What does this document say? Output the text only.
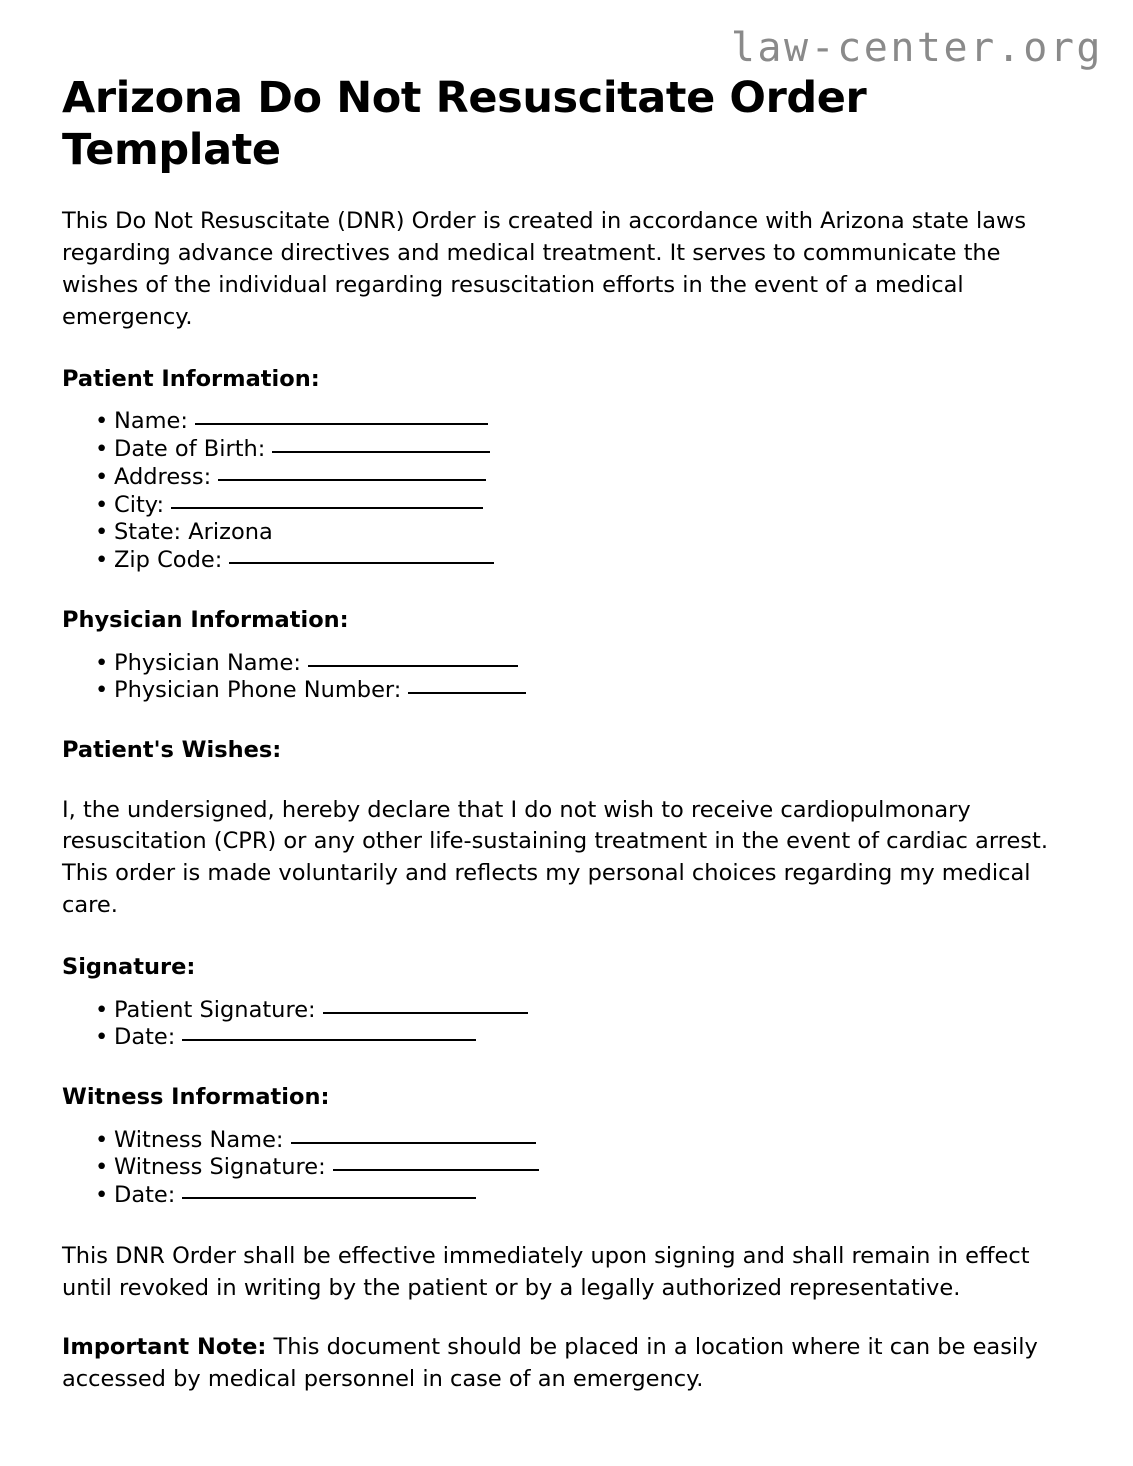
law-center.org
Arizona Do Not Resuscitate Order Template

This Do Not Resuscitate (DNR) Order is created in accordance with Arizona state laws regarding advance directives and medical treatment. It serves to communicate the wishes of the individual regarding resuscitation efforts in the event of a medical emergency.

Patient Information:
• Name:
• Date of Birth:
• Address:
• City:
• State: Arizona
• Zip Code:
Physician Information:
• Physician Name:
• Physician Phone Number:
Patient's Wishes:

I, the undersigned, hereby declare that I do not wish to receive cardiopulmonary resuscitation (CPR) or any other life-sustaining treatment in the event of cardiac arrest. This order is made voluntarily and reflects my personal choices regarding my medical care.

Signature:
• Patient Signature:
• Date:
Witness Information:
• Witness Name:
• Witness Signature:
• Date:

This DNR Order shall be effective immediately upon signing and shall remain in effect until revoked in writing by the patient or by a legally authorized representative.

Important Note: This document should be placed in a location where it can be easily accessed by medical personnel in case of an emergency.
